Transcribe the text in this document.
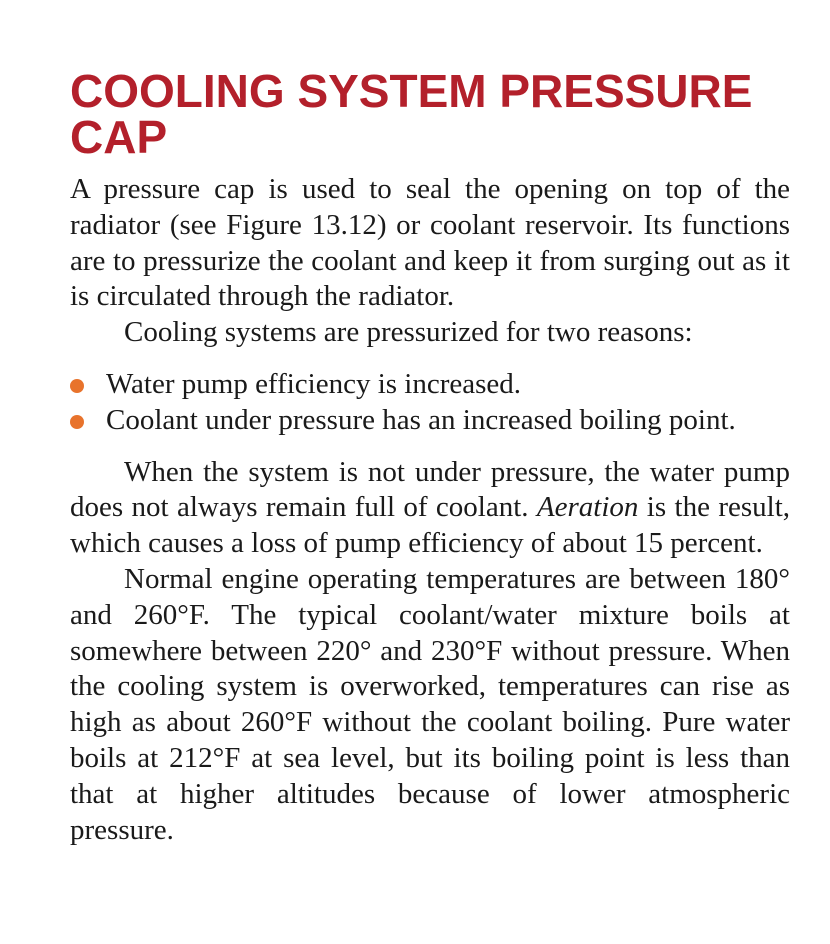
COOLING SYSTEM PRESSURE CAP

A pressure cap is used to seal the opening on top of the radiator (see Figure 13.12) or coolant reservoir. Its functions are to pressurize the coolant and keep it from surging out as it is circulated through the radiator.

Cooling systems are pressurized for two reasons:

Water pump efficiency is increased.
Coolant under pressure has an increased boiling point.

When the system is not under pressure, the water pump does not always remain full of coolant. Aeration is the result, which causes a loss of pump efficiency of about 15 percent.

Normal engine operating temperatures are between 180° and 260°F. The typical coolant/water mixture boils at somewhere between 220° and 230°F without pressure. When the cooling system is overworked, temperatures can rise as high as about 260°F without the coolant boiling. Pure water boils at 212°F at sea level, but its boiling point is less than that at higher altitudes because of lower atmospheric pressure.
